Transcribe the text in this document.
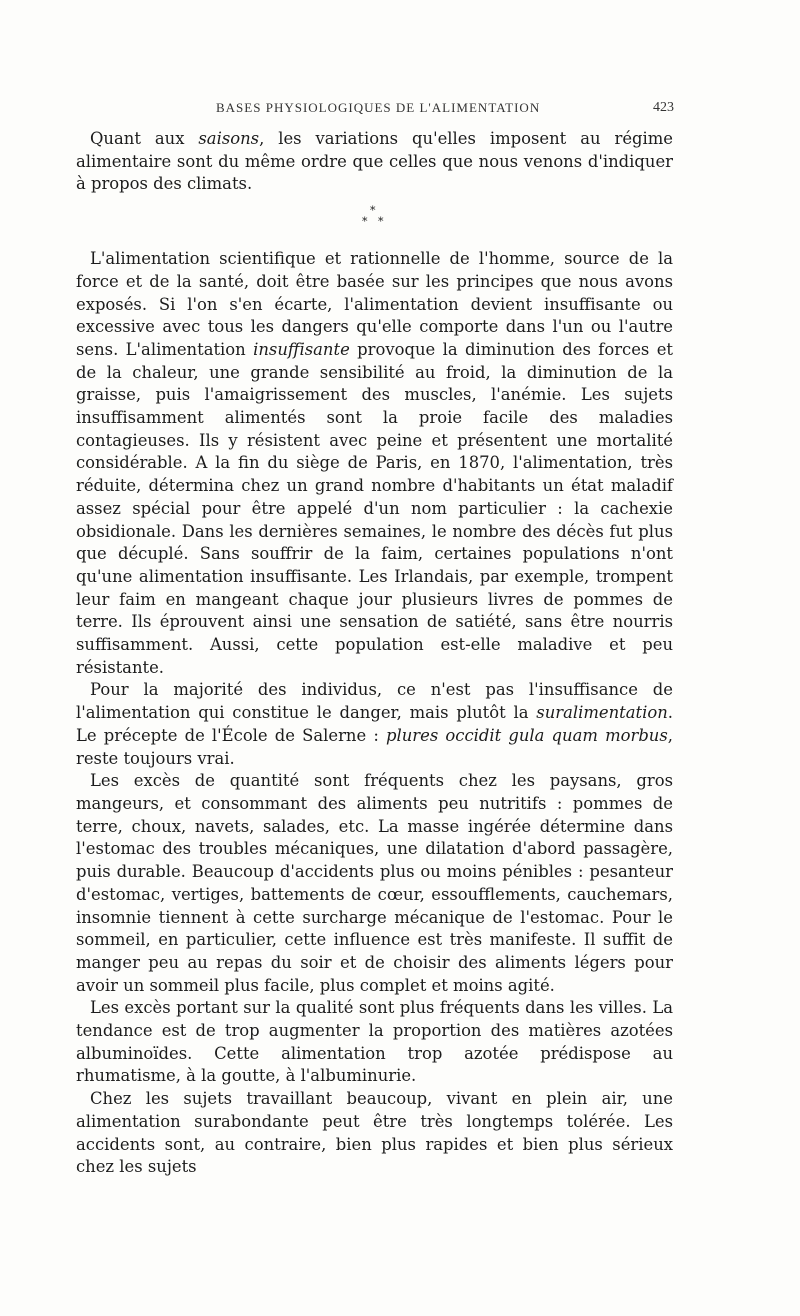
BASES PHYSIOLOGIQUES DE L'ALIMENTATION	423

Quant aux saisons, les variations qu'elles imposent au régime alimentaire sont du même ordre que celles que nous venons d'indiquer à propos des climats.

*
* *

L'alimentation scientifique et rationnelle de l'homme, source de la force et de la santé, doit être basée sur les principes que nous avons exposés. Si l'on s'en écarte, l'alimentation devient insuffisante ou excessive avec tous les dangers qu'elle comporte dans l'un ou l'autre sens. L'alimentation insuffisante provoque la diminution des forces et de la chaleur, une grande sensibilité au froid, la diminution de la graisse, puis l'amaigrissement des muscles, l'anémie. Les sujets insuffisamment alimentés sont la proie facile des maladies contagieuses. Ils y résistent avec peine et présentent une mortalité considérable. A la fin du siège de Paris, en 1870, l'alimentation, très réduite, détermina chez un grand nombre d'habitants un état maladif assez spécial pour être appelé d'un nom particulier : la cachexie obsidionale. Dans les dernières semaines, le nombre des décès fut plus que décuplé. Sans souffrir de la faim, certaines populations n'ont qu'une alimentation insuffisante. Les Irlandais, par exemple, trompent leur faim en mangeant chaque jour plusieurs livres de pommes de terre. Ils éprouvent ainsi une sensation de satiété, sans être nourris suffisamment. Aussi, cette population est-elle maladive et peu résistante.

Pour la majorité des individus, ce n'est pas l'insuffisance de l'alimentation qui constitue le danger, mais plutôt la suralimentation. Le précepte de l'École de Salerne : plures occidit gula quam morbus, reste toujours vrai.

Les excès de quantité sont fréquents chez les paysans, gros mangeurs, et consommant des aliments peu nutritifs : pommes de terre, choux, navets, salades, etc. La masse ingérée détermine dans l'estomac des troubles mécaniques, une dilatation d'abord passagère, puis durable. Beaucoup d'accidents plus ou moins pénibles : pesanteur d'estomac, vertiges, battements de cœur, essoufflements, cauchemars, insomnie tiennent à cette surcharge mécanique de l'estomac. Pour le sommeil, en particulier, cette influence est très manifeste. Il suffit de manger peu au repas du soir et de choisir des aliments légers pour avoir un sommeil plus facile, plus complet et moins agité.

Les excès portant sur la qualité sont plus fréquents dans les villes. La tendance est de trop augmenter la proportion des matières azotées albuminoïdes. Cette alimentation trop azotée prédispose au rhumatisme, à la goutte, à l'albuminurie.

Chez les sujets travaillant beaucoup, vivant en plein air, une alimentation surabondante peut être très longtemps tolérée. Les accidents sont, au contraire, bien plus rapides et bien plus sérieux chez les sujets
